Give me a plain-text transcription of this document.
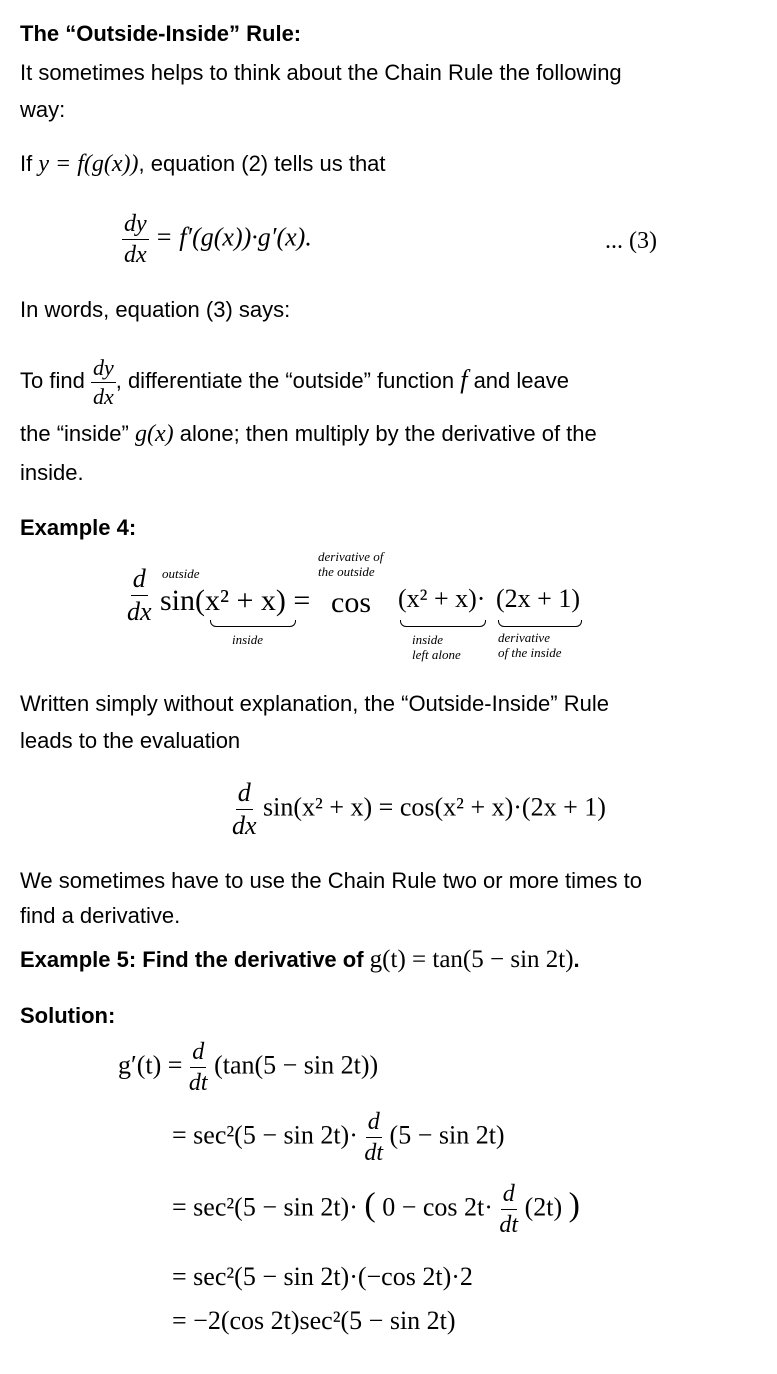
The “Outside-Inside” Rule:

It sometimes helps to think about the Chain Rule the following

way:

If y = f(g(x)), equation (2) tells us that

$\frac{dy}{dx} = f'(g(x))\cdot g'(x)$.	... (3)

In words, equation (3) says:

To find $\frac{dy}{dx}$ , differentiate the “outside” function f and leave

the “inside” g(x) alone; then multiply by the derivative of the

inside.

Example 4:

$\frac{d}{dx}$ outside
sin(x² + x) =
inside
derivative of
the outside
cos (x² + x)·
inside
left alone
(2x + 1)
derivative
of the inside

Written simply without explanation, the “Outside-Inside” Rule

leads to the evaluation

$\frac{d}{dx} \sin(x^2 + x) = \cos(x^2 + x)\cdot(2x + 1)$

We sometimes have to use the Chain Rule two or more times to

find a derivative.

Example 5: Find the derivative of g(t) = tan(5 − sin 2t).

Solution:

$g'(t) = \frac{d}{dt} (\tan(5 - \sin 2t))$
= $\sec^2(5 - \sin 2t)\cdot \frac{d}{dt} (5 - \sin 2t)$
= sec²(5 − sin 2t)· ( $0 - \cos 2t\cdot \frac{d}{dt} (2t)$ )
= sec²(5 − sin 2t)·(−cos 2t)·2
= −2(cos 2t)sec²(5 − sin 2t)
